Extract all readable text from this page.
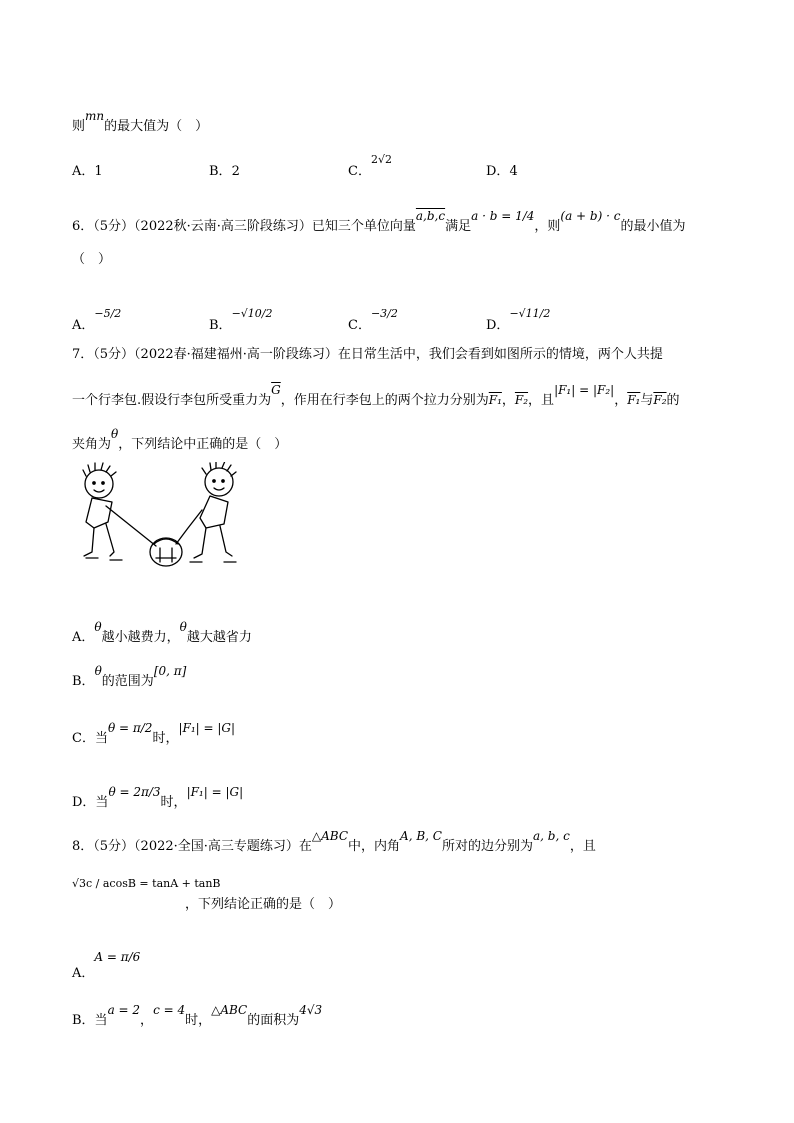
则mn的最大值为（　）
A．1	B．2	C．$^{2√2}$
D．4
6．（5分）（2022秋·云南·高三阶段练习）已知三个单位向量a,b,c满足a · b = 1/4，则(a + b) · c的最小值为
（　）
A．$^{-5/2}$
B．$^{-√10/2}$
C．$^{-3/2}$
D．$^{-√11/2}$
7．（5分）（2022春·福建福州·高一阶段练习）在日常生活中，我们会看到如图所示的情境，两个人共提
一个行李包.假设行李包所受重力为$\overline{G}$，作用在行李包上的两个拉力分别为F₁，F₂，且|F₁| = |F₂|，F₁与F₂的
夹角为θ，下列结论中正确的是（　）
A．θ越小越费力，θ越大越省力
B．θ的范围为[0, π]
C．当θ = π/2时，|F₁| = |G|
D．当θ = 2π/3时，|F₁| = |G|
8．（5分）（2022·全国·高三专题练习）在△ABC中，内角A, B, C所对的边分别为a, b, c，且
√3c / acosB = tanA + tanB
，下列结论正确的是（　）
A．A = π/6
B．当a = 2，c = 4时，△ABC的面积为4√3
